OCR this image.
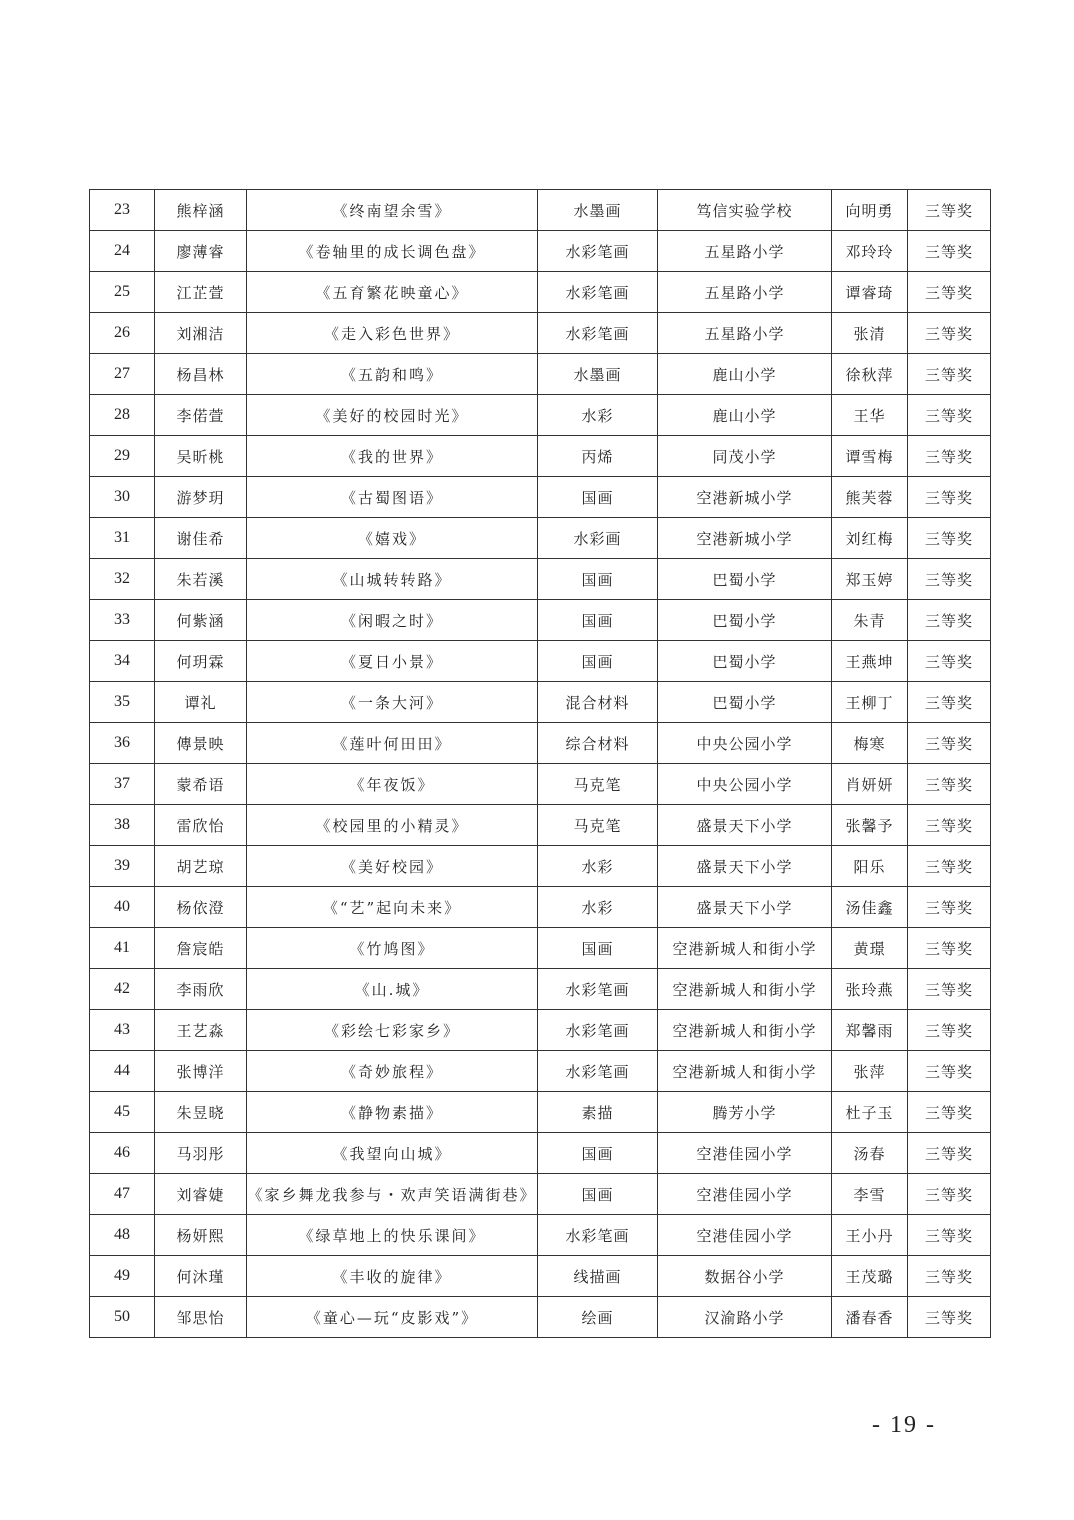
23	熊梓涵	《终南望余雪》	水墨画	笃信实验学校	向明勇	三等奖
24	廖薄睿	《卷轴里的成长调色盘》	水彩笔画	五星路小学	邓玲玲	三等奖
25	江芷萱	《五育繁花映童心》	水彩笔画	五星路小学	谭睿琦	三等奖
26	刘湘洁	《走入彩色世界》	水彩笔画	五星路小学	张清	三等奖
27	杨昌林	《五韵和鸣》	水墨画	鹿山小学	徐秋萍	三等奖
28	李偌萱	《美好的校园时光》	水彩	鹿山小学	王华	三等奖
29	吴昕桃	《我的世界》	丙烯	同茂小学	谭雪梅	三等奖
30	游梦玥	《古蜀图语》	国画	空港新城小学	熊芙蓉	三等奖
31	谢佳希	《嬉戏》	水彩画	空港新城小学	刘红梅	三等奖
32	朱若溪	《山城转转路》	国画	巴蜀小学	郑玉婷	三等奖
33	何紫涵	《闲暇之时》	国画	巴蜀小学	朱青	三等奖
34	何玥霖	《夏日小景》	国画	巴蜀小学	王燕坤	三等奖
35	谭礼	《一条大河》	混合材料	巴蜀小学	王柳丁	三等奖
36	傳景映	《莲叶何田田》	综合材料	中央公园小学	梅寒	三等奖
37	蒙希语	《年夜饭》	马克笔	中央公园小学	肖妍妍	三等奖
38	雷欣怡	《校园里的小精灵》	马克笔	盛景天下小学	张馨予	三等奖
39	胡艺琼	《美好校园》	水彩	盛景天下小学	阳乐	三等奖
40	杨依澄	《“艺”起向未来》	水彩	盛景天下小学	汤佳鑫	三等奖
41	詹宸皓	《竹鸠图》	国画	空港新城人和街小学	黄璟	三等奖
42	李雨欣	《山.城》	水彩笔画	空港新城人和街小学	张玲燕	三等奖
43	王艺淼	《彩绘七彩家乡》	水彩笔画	空港新城人和街小学	郑馨雨	三等奖
44	张博洋	《奇妙旅程》	水彩笔画	空港新城人和街小学	张萍	三等奖
45	朱昱晓	《静物素描》	素描	腾芳小学	杜子玉	三等奖
46	马羽彤	《我望向山城》	国画	空港佳园小学	汤春	三等奖
47	刘睿婕	《家乡舞龙我参与・欢声笑语满街巷》	国画	空港佳园小学	李雪	三等奖
48	杨妍熙	《绿草地上的快乐课间》	水彩笔画	空港佳园小学	王小丹	三等奖
49	何沐瑾	《丰收的旋律》	线描画	数据谷小学	王茂璐	三等奖
50	邹思怡	《童心—玩“皮影戏”》	绘画	汉渝路小学	潘春香	三等奖
- 19 -
